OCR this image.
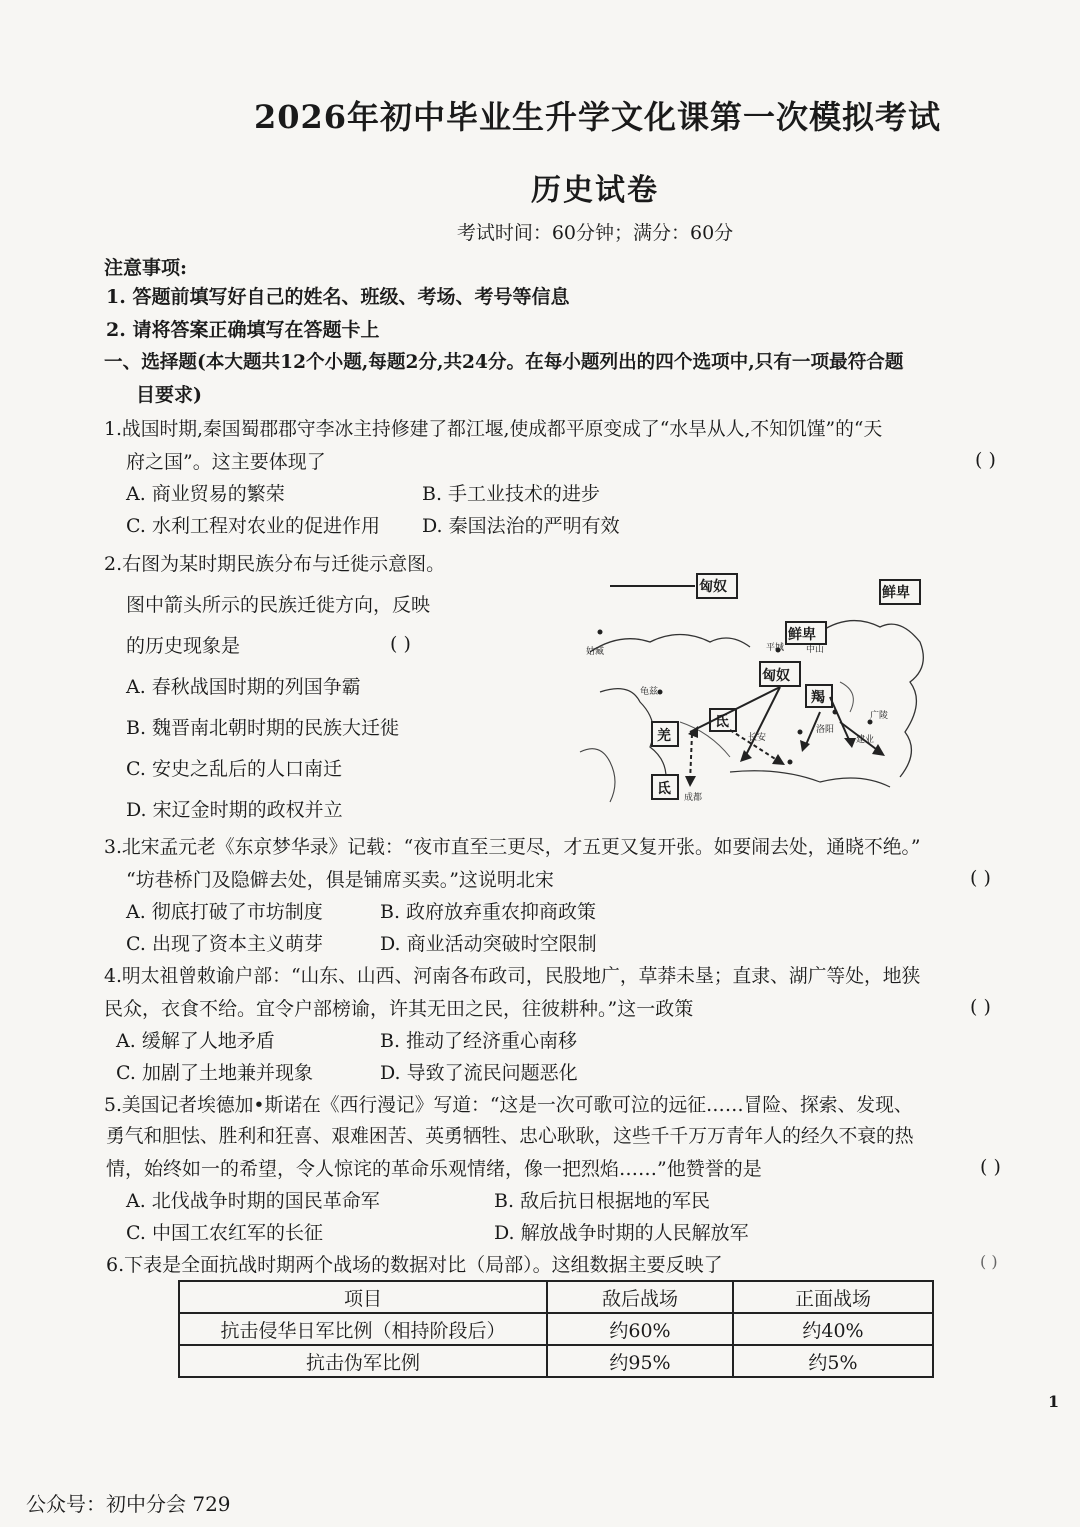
2026年初中毕业生升学文化课第一次模拟考试
历史试卷
考试时间：60分钟；满分：60分
注意事项:
1. 答题前填写好自己的姓名、班级、考场、考号等信息
2. 请将答案正确填写在答题卡上
一、选择题(本大题共12个小题,每题2分,共24分。在每小题列出的四个选项中,只有一项最符合题
目要求)
1.战国时期,秦国蜀郡郡守李冰主持修建了都江堰,使成都平原变成了“水旱从人,不知饥馑”的“天
府之国”。这主要体现了	( )
A. 商业贸易的繁荣	B. 手工业技术的进步
C. 水利工程对农业的促进作用 D. 秦国法治的严明有效
2.右图为某时期民族分布与迁徙示意图。
图中箭头所示的民族迁徙方向，反映
的历史现象是	( )
A. 春秋战国时期的列国争霸
B. 魏晋南北朝时期的民族大迁徙
C. 安史之乱后的人口南迁
D. 宋辽金时期的政权并立
匈奴	鲜卑
鲜卑
匈奴
羯
氐
羌
氐
姑臧	平城 中山
长安
洛阳
建业
广陵
成都
龟兹
3.北宋孟元老《东京梦华录》记载：“夜市直至三更尽，才五更又复开张。如要闹去处，通晓不绝。”
“坊巷桥门及隐僻去处，俱是铺席买卖。”这说明北宋	( )
A. 彻底打破了市坊制度	B. 政府放弃重农抑商政策
C. 出现了资本主义萌芽	D. 商业活动突破时空限制
4.明太祖曾敕谕户部：“山东、山西、河南各布政司，民股地广，草莽未垦；直隶、湖广等处，地狭
民众，衣食不给。宜令户部榜谕，许其无田之民，往彼耕种。”这一政策	( )
A. 缓解了人地矛盾	B. 推动了经济重心南移
C. 加剧了土地兼并现象	D. 导致了流民问题恶化
5.美国记者埃德加•斯诺在《西行漫记》写道：“这是一次可歌可泣的远征……冒险、探索、发现、
勇气和胆怯、胜利和狂喜、艰难困苦、英勇牺牲、忠心耿耿，这些千千万万青年人的经久不衰的热
情，始终如一的希望，令人惊诧的革命乐观情绪，像一把烈焰……”他赞誉的是	( )
A. 北伐战争时期的国民革命军	B. 敌后抗日根据地的军民
C. 中国工农红军的长征	D. 解放战争时期的人民解放军
6.下表是全面抗战时期两个战场的数据对比（局部）。这组数据主要反映了	( )
项目	敌后战场	正面战场
抗击侵华日军比例（相持阶段后）	约60%	约40%
抗击伪军比例	约95%	约5%
1
公众号：初中分会 729
